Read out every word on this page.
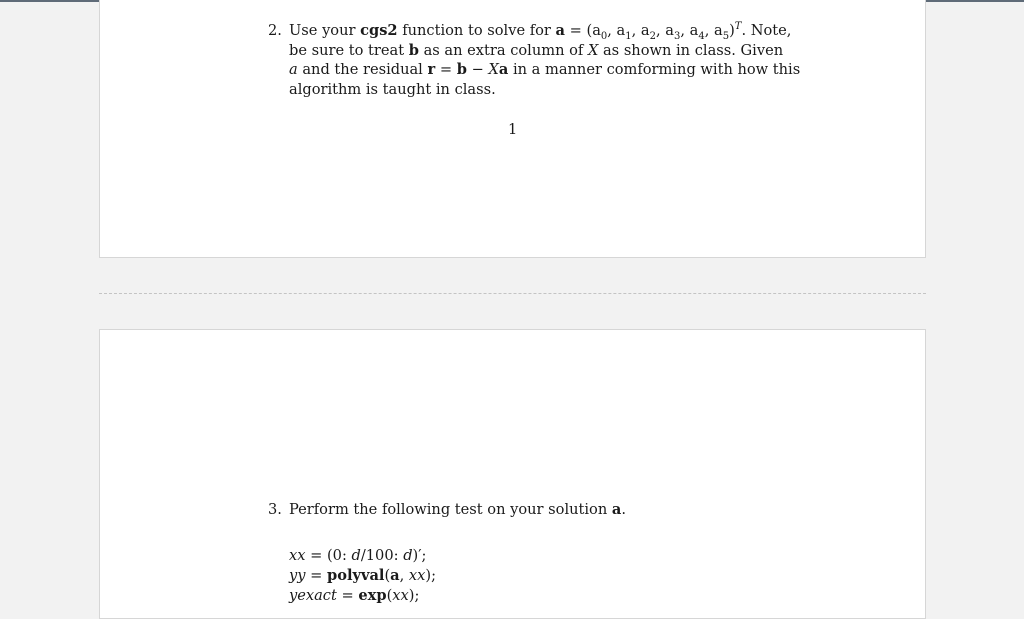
2. Use your cgs2 function to solve for $a = (a_0$, $a_1$, $a_2$, $a_3$, $a_4$, $a_5)^T$. Note,
be sure to treat b as an extra column of X as shown in class. Given
a and the residual r = b − Xa in a manner comforming with how this
algorithm is taught in class.
1
3. Perform the following test on your solution a.
xx = (0: d/100: d)′;
yy = polyval(a, xx);
yexact = exp(xx);
